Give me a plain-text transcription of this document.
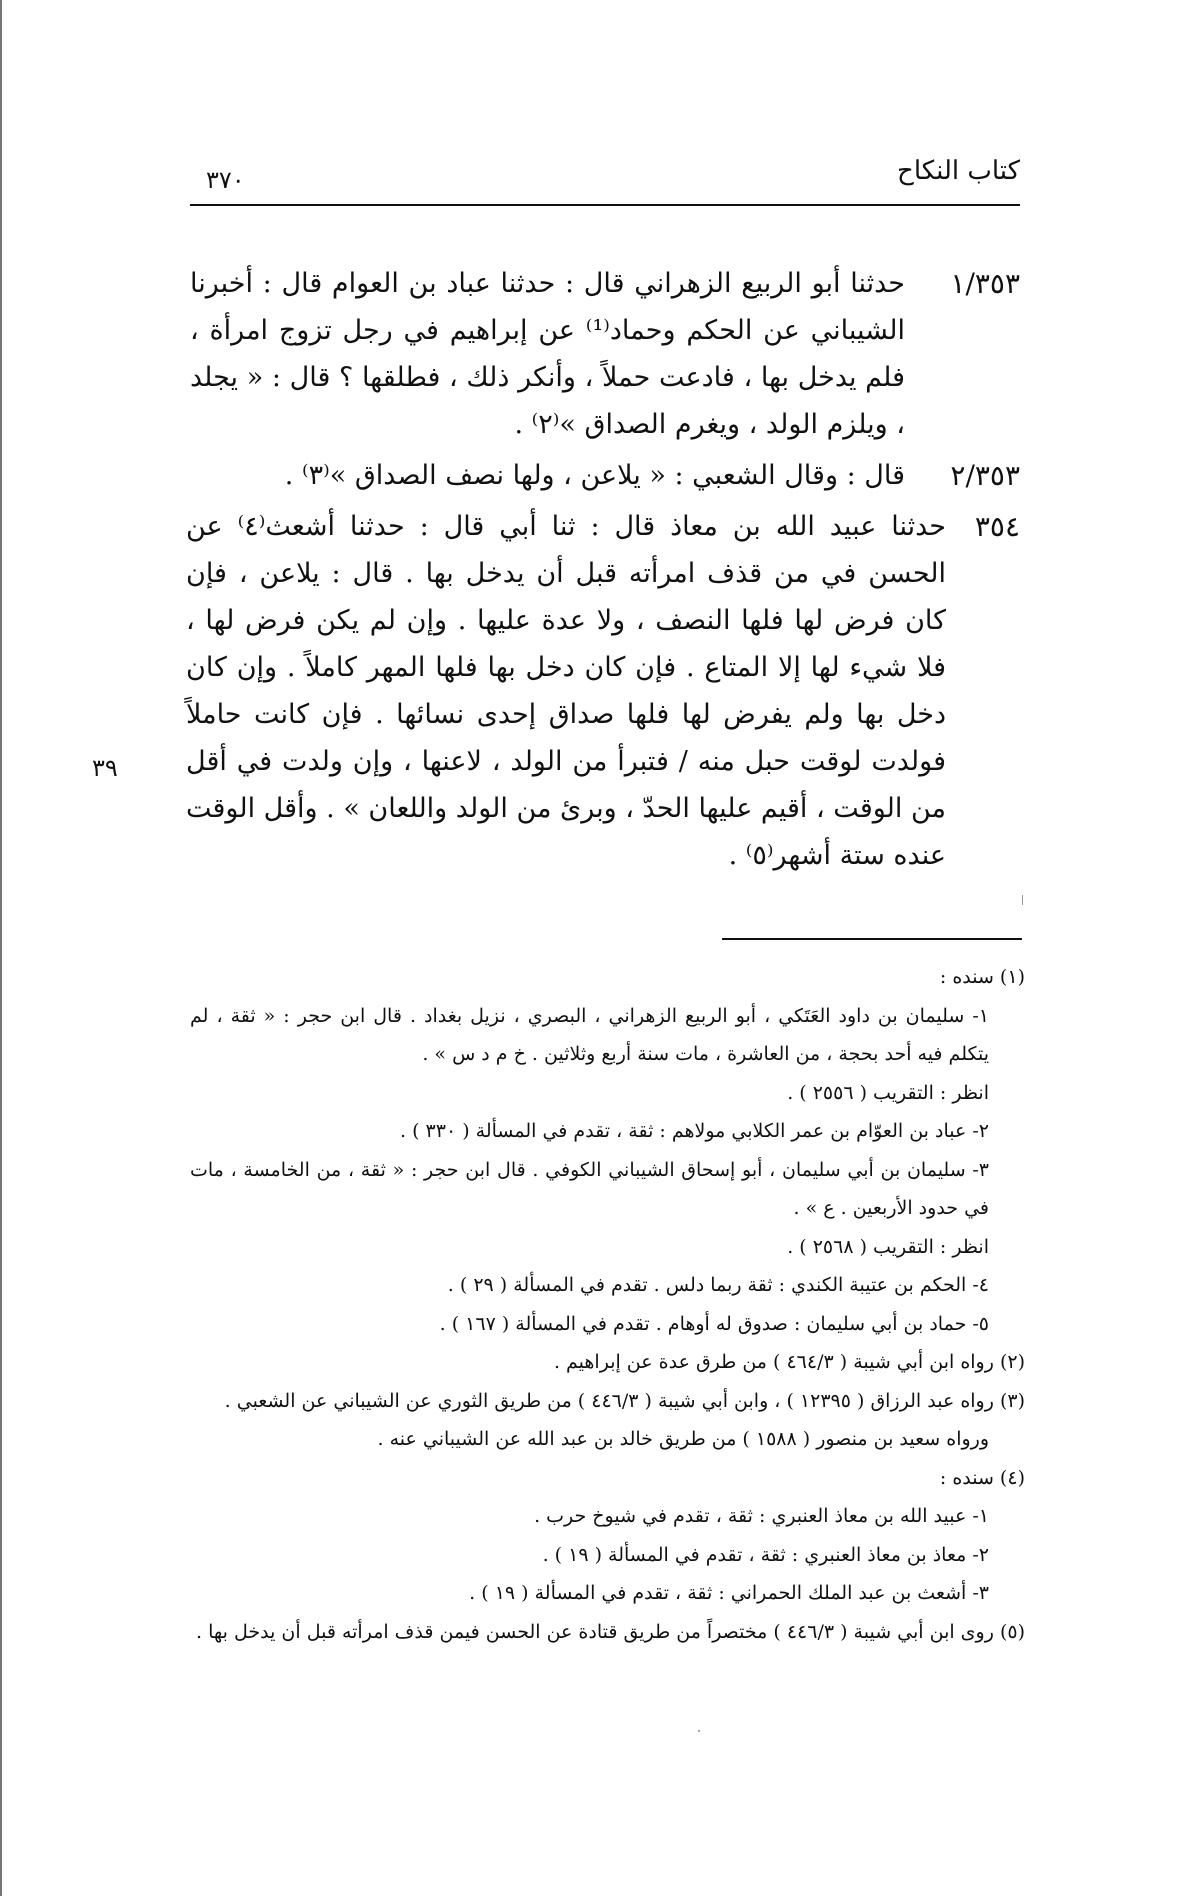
كتاب النكاح
٣٧٠
١/٣٥٣
حدثنا أبو الربيع الزهراني قال : حدثنا عباد بن العوام قال : أخبرنا الشيباني عن الحكم وحماد⁽¹⁾ عن إبراهيم في رجل تزوج امرأة ، فلم يدخل بها ، فادعت حملاً ، وأنكر ذلك ، فطلقها ؟ قال : « يجلد ، ويلزم الولد ، ويغرم الصداق »⁽٢⁾ .
٢/٣٥٣
قال : وقال الشعبي : « يلاعن ، ولها نصف الصداق »⁽٣⁾ .
٣٥٤
حدثنا عبيد الله بن معاذ قال : ثنا أبي قال : حدثنا أشعث⁽٤⁾ عن الحسن في من قذف امرأته قبل أن يدخل بها . قال : يلاعن ، فإن كان فرض لها فلها النصف ، ولا عدة عليها . وإن لم يكن فرض لها ، فلا شيء لها إلا المتاع . فإن كان دخل بها فلها المهر كاملاً . وإن كان دخل بها ولم يفرض لها فلها صداق إحدى نسائها . فإن كانت حاملاً فولدت لوقت حبل منه / فتبرأ من الولد ، لاعنها ، وإن ولدت في أقل من الوقت ، أقيم عليها الحدّ ، وبرئ من الولد واللعان » . وأقل الوقت عنده ستة أشهر⁽٥⁾ .
٣٩
(١) سنده :
١- سليمان بن داود العَتَكي ، أبو الربيع الزهراني ، البصري ، نزيل بغداد . قال ابن حجر : « ثقة ، لم يتكلم فيه أحد بحجة ، من العاشرة ، مات سنة أربع وثلاثين . خ م د س » .
انظر : التقريب ( ٢٥٥٦ ) .
٢- عباد بن العوّام بن عمر الكلابي مولاهم : ثقة ، تقدم في المسألة ( ٣٣٠ ) .
٣- سليمان بن أبي سليمان ، أبو إسحاق الشيباني الكوفي . قال ابن حجر : « ثقة ، من الخامسة ، مات في حدود الأربعين . ع » .
انظر : التقريب ( ٢٥٦٨ ) .
٤- الحكم بن عتيبة الكندي : ثقة ربما دلس . تقدم في المسألة ( ٢٩ ) .
٥- حماد بن أبي سليمان : صدوق له أوهام . تقدم في المسألة ( ١٦٧ ) .
(٢) رواه ابن أبي شيبة ( ٤٦٤/٣ ) من طرق عدة عن إبراهيم .
(٣) رواه عبد الرزاق ( ١٢٣٩٥ ) ، وابن أبي شيبة ( ٤٤٦/٣ ) من طريق الثوري عن الشيباني عن الشعبي .
ورواه سعيد بن منصور ( ١٥٨٨ ) من طريق خالد بن عبد الله عن الشيباني عنه .
(٤) سنده :
١- عبيد الله بن معاذ العنبري : ثقة ، تقدم في شيوخ حرب .
٢- معاذ بن معاذ العنبري : ثقة ، تقدم في المسألة ( ١٩ ) .
٣- أشعث بن عبد الملك الحمراني : ثقة ، تقدم في المسألة ( ١٩ ) .
(٥) روى ابن أبي شيبة ( ٤٤٦/٣ ) مختصراً من طريق قتادة عن الحسن فيمن قذف امرأته قبل أن يدخل بها .
